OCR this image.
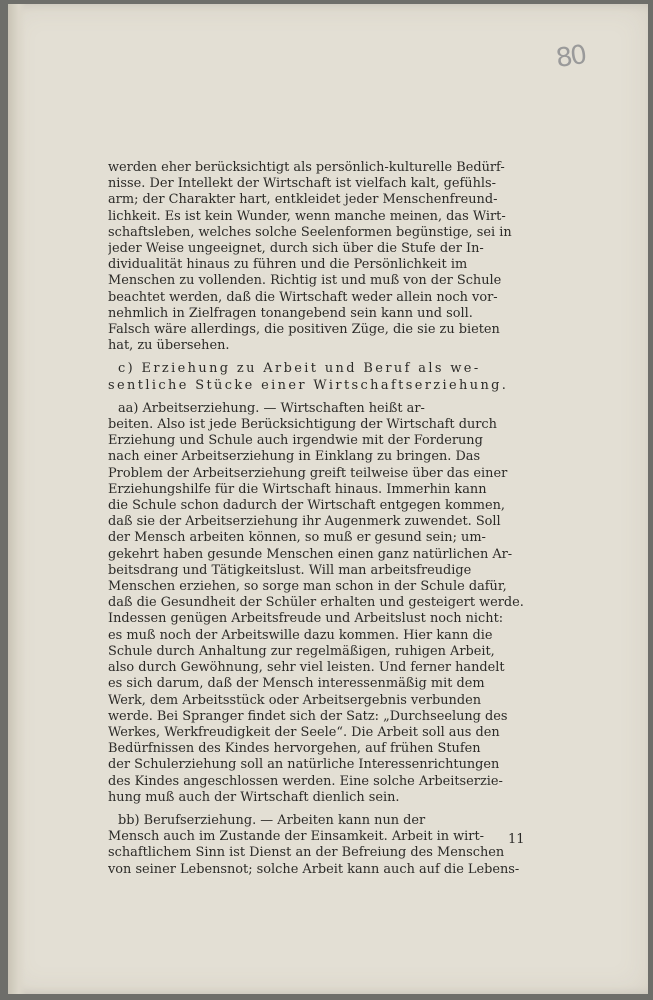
80
werden eher berücksichtigt als persönlich-kulturelle Bedürf-
nisse. Der Intellekt der Wirtschaft ist vielfach kalt, gefühls-
arm; der Charakter hart, entkleidet jeder Menschenfreund-
lichkeit. Es ist kein Wunder, wenn manche meinen, das Wirt-
schaftsleben, welches solche Seelenformen begünstige, sei in
jeder Weise ungeeignet, durch sich über die Stufe der In-
dividualität hinaus zu führen und die Persönlichkeit im
Menschen zu vollenden. Richtig ist und muß von der Schule
beachtet werden, daß die Wirtschaft weder allein noch vor-
nehmlich in Zielfragen tonangebend sein kann und soll.
Falsch wäre allerdings, die positiven Züge, die sie zu bieten
hat, zu übersehen.
c) Erziehung zu Arbeit und Beruf als we-
sentliche Stücke einer Wirtschaftserziehung.
aa) Arbeitserziehung. — Wirtschaften heißt ar-
beiten. Also ist jede Berücksichtigung der Wirtschaft durch
Erziehung und Schule auch irgendwie mit der Forderung
nach einer Arbeitserziehung in Einklang zu bringen. Das
Problem der Arbeitserziehung greift teilweise über das einer
Erziehungshilfe für die Wirtschaft hinaus. Immerhin kann
die Schule schon dadurch der Wirtschaft entgegen kommen,
daß sie der Arbeitserziehung ihr Augenmerk zuwendet. Soll
der Mensch arbeiten können, so muß er gesund sein; um-
gekehrt haben gesunde Menschen einen ganz natürlichen Ar-
beitsdrang und Tätigkeitslust. Will man arbeitsfreudige
Menschen erziehen, so sorge man schon in der Schule dafür,
daß die Gesundheit der Schüler erhalten und gesteigert werde.
Indessen genügen Arbeitsfreude und Arbeitslust noch nicht:
es muß noch der Arbeitswille dazu kommen. Hier kann die
Schule durch Anhaltung zur regelmäßigen, ruhigen Arbeit,
also durch Gewöhnung, sehr viel leisten. Und ferner handelt
es sich darum, daß der Mensch interessenmäßig mit dem
Werk, dem Arbeitsstück oder Arbeitsergebnis verbunden
werde. Bei Spranger findet sich der Satz: „Durchseelung des
Werkes, Werkfreudigkeit der Seele“. Die Arbeit soll aus den
Bedürfnissen des Kindes hervorgehen, auf frühen Stufen
der Schulerziehung soll an natürliche Interessenrichtungen
des Kindes angeschlossen werden. Eine solche Arbeitserzie-
hung muß auch der Wirtschaft dienlich sein.
bb) Berufserziehung. — Arbeiten kann nun der
Mensch auch im Zustande der Einsamkeit. Arbeit in wirt-
schaftlichem Sinn ist Dienst an der Befreiung des Menschen
von seiner Lebensnot; solche Arbeit kann auch auf die Lebens-
11
